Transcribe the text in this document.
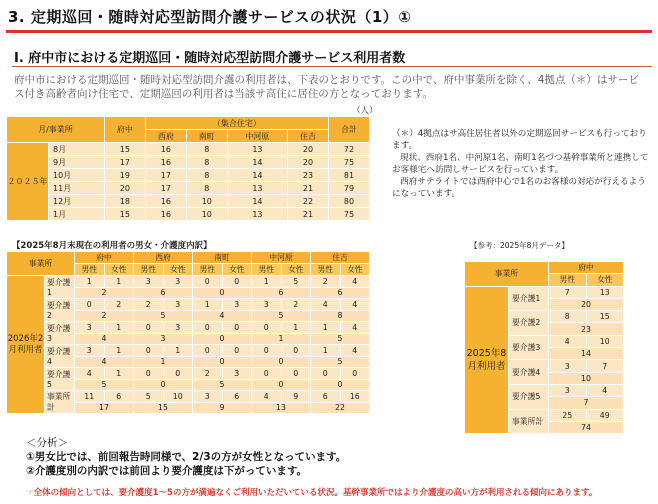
3. 定期巡回・随時対応型訪問介護サービスの状況（1）①
Ⅰ. 府中市における定期巡回・随時対応型訪問介護サービス利用者数

府中市における定期巡回・随時対応型訪問介護の利用者は、下表のとおりです。この中で、府中事業所を除く、4拠点（＊）はサービス付き高齢者向け住宅で、定期巡回の利用者は当該サ高住に居住の方となっております。

（人）
月/事業所		府中	（集合住宅）				合計
			西府	南町	中河原	住吉	
２０２５年	8月	15	16	8	13	20	72
	9月	17	16	8	14	20	75
	10月	19	17	8	14	23	81
	11月	20	17	8	13	21	79
	12月	18	16	10	14	22	80
	1月	15	16	10	13	21	75
（＊）4拠点はサ高住居住者以外の定期巡回サービスも行っております。
現状、西府1名、中河原1名、南町1名づつ基幹事業所と連携してお客様宅へ訪問しサービスを行っています。
西府サテライトでは西府中心で1名のお客様の対応が行えるようになっています。
【2025年8月末現在の利用者の男女・介護度内訳】
事業所		府中		西府		南町		中河原		住吉	
		男性	女性	男性	女性	男性	女性	男性	女性	男性	女性
2026年2月利用者	要介護1	1	1	3	3	0	0	1	5	2	4
		2		6		0		6		6	
	要介護2	0	2	2	3	1	3	3	2	4	4
		2		5		4		5		8	
	要介護3	3	1	0	3	0	0	0	1	1	4
		4		3		0		1		5	
	要介護4	3	1	0	1	0	0	0	0	1	4
		4		1		0		0		5	
	要介護5	4	1	0	0	2	3	0	0	0	0
		5		0		5		0		0	
	事業所計	11	6	5	10	3	6	4	9	6	16
		17		15		9		13		22	
【参考：2025年8月データ】
事業所		府中	
		男性	女性
2025年8月利用者	要介護1	7	13
		20	
	要介護2	8	15
		23	
	要介護3	4	10
		14	
	要介護4	3	7
		10	
	要介護5	3	4
		7	
	事業所計	25	49
		74	
＜分析＞
①男女比では、前回報告時同様で、2/3の方が女性となっています。
②介護度別の内訳では前回より要介護度は下がっています。
☞全体の傾向としては、要介護度1〜5の方が満遍なくご利用いただいている状況。基幹事業所ではより介護度の高い方が利用される傾向にあります。
